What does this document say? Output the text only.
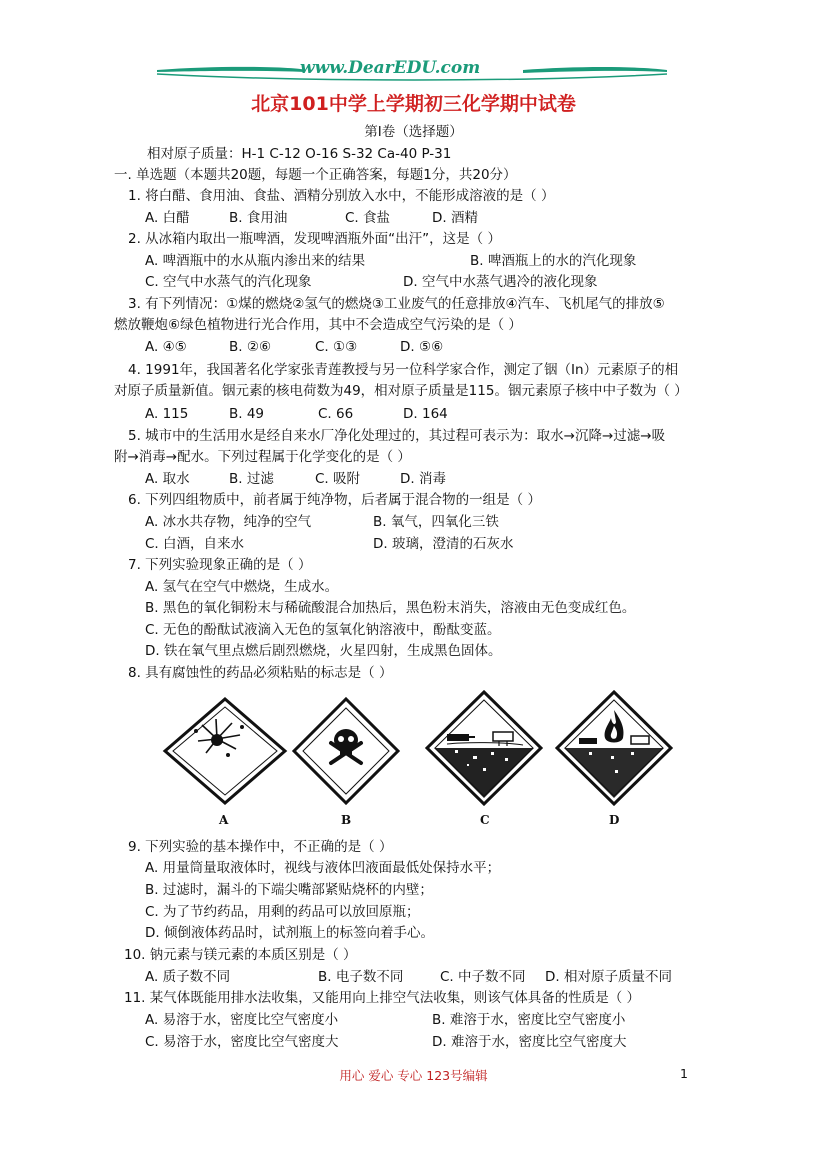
www.DearEDU.com
北京101中学上学期初三化学期中试卷
第I卷（选择题）
相对原子质量：H-1 C-12 O-16 S-32 Ca-40 P-31
一. 单选题（本题共20题，每题一个正确答案，每题1分，共20分）
1. 将白醋、食用油、食盐、酒精分别放入水中，不能形成溶液的是（ ）
A. 白醋	B. 食用油	C. 食盐	D. 酒精
2. 从冰箱内取出一瓶啤酒，发现啤酒瓶外面“出汗”，这是（ ）
A. 啤酒瓶中的水从瓶内渗出来的结果	B. 啤酒瓶上的水的汽化现象
C. 空气中水蒸气的汽化现象	D. 空气中水蒸气遇冷的液化现象
3. 有下列情况：①煤的燃烧②氢气的燃烧③工业废气的任意排放④汽车、飞机尾气的排放⑤
燃放鞭炮⑥绿色植物进行光合作用，其中不会造成空气污染的是（ ）
A. ④⑤	B. ②⑥	C. ①③	D. ⑤⑥
4. 1991年，我国著名化学家张青莲教授与另一位科学家合作，测定了铟（In）元素原子的相
对原子质量新值。铟元素的核电荷数为49，相对原子质量是115。铟元素原子核中中子数为（ ）
A. 115	B. 49	C. 66	D. 164
5. 城市中的生活用水是经自来水厂净化处理过的，其过程可表示为：取水→沉降→过滤→吸
附→消毒→配水。下列过程属于化学变化的是（ ）
A. 取水	B. 过滤	C. 吸附	D. 消毒
6. 下列四组物质中，前者属于纯净物，后者属于混合物的一组是（ ）
A. 冰水共存物，纯净的空气	B. 氧气，四氧化三铁
C. 白酒，自来水	D. 玻璃，澄清的石灰水
7. 下列实验现象正确的是（ ）
A. 氢气在空气中燃烧，生成水。
B. 黑色的氧化铜粉末与稀硫酸混合加热后，黑色粉末消失，溶液由无色变成红色。
C. 无色的酚酞试液滴入无色的氢氧化钠溶液中，酚酞变蓝。
D. 铁在氧气里点燃后剧烈燃烧，火星四射，生成黑色固体。
8. 具有腐蚀性的药品必须粘贴的标志是（ ）
A	B	C	D
9. 下列实验的基本操作中，不正确的是（ ）
A. 用量筒量取液体时，视线与液体凹液面最低处保持水平；
B. 过滤时，漏斗的下端尖嘴部紧贴烧杯的内壁；
C. 为了节约药品，用剩的药品可以放回原瓶；
D. 倾倒液体药品时，试剂瓶上的标签向着手心。
10. 钠元素与镁元素的本质区别是（ ）
A. 质子数不同	B. 电子数不同	C. 中子数不同 D. 相对原子质量不同
11. 某气体既能用排水法收集，又能用向上排空气法收集，则该气体具备的性质是（ ）
A. 易溶于水，密度比空气密度小	B. 难溶于水，密度比空气密度小
C. 易溶于水，密度比空气密度大	D. 难溶于水，密度比空气密度大
用心 爱心 专心 123号编辑	1
